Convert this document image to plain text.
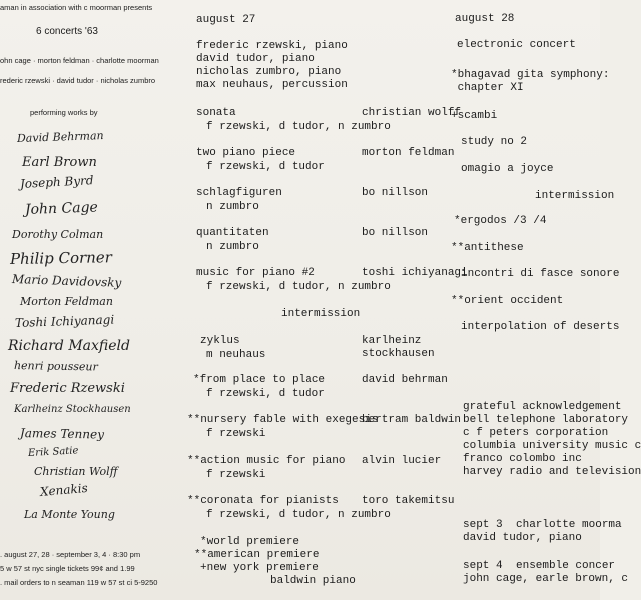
aman in association with c moorman presents
6 concerts '63
ohn cage · morton feldman · charlotte moorman
rederic rzewski · david tudor · nicholas zumbro
performing works by
David Behrman
Earl Brown
Joseph Byrd
John Cage
Dorothy Colman
Philip Corner
Mario Davidovsky
Morton Feldman
Toshi Ichiyanagi
Richard Maxfield
henri pousseur
Frederic Rzewski
Karlheinz Stockhausen
James Tenney
Erik Satie
Christian Wolff
Xenakis
La Monte Young
. august 27, 28 · september 3, 4 · 8:30 pm
5 w 57 st nyc single tickets 99¢ and 1.99
. mail orders to n seaman 119 w 57 st ci 5-9250
august 27
frederic rzewski, piano
david tudor, piano
nicholas zumbro, piano
max neuhaus, percussion
sonata
f rzewski, d tudor, n zumbro
christian wolff
two piano piece
f rzewski, d tudor
morton feldman
schlagfiguren
n zumbro
bo nillson
quantitaten
n zumbro
bo nillson
music for piano #2
f rzewski, d tudor, n zumbro
toshi ichiyanagi
zyklus
m neuhaus
karlheinz
stockhausen
*from place to place
f rzewski, d tudor
david behrman
**nursery fable with exegesis
f rzewski
bertram baldwin
**action music for piano
f rzewski
alvin lucier
**coronata for pianists
f rzewski, d tudor, n zumbro
toro takemitsu
intermission
*world premiere
**american premiere
+new york premiere
baldwin piano
august 28
electronic concert
*bhagavad gita symphony:
chapter XI
+scambi
study no 2
omagio a joyce
intermission
*ergodos /3 /4
**antithese
incontri di fasce sonore
**orient occident
interpolation of deserts
grateful acknowledgement
bell telephone laboratory
c f peters corporation
columbia university music c
franco colombo inc
harvey radio and television
sept 3 charlotte moorma
david tudor, piano
sept 4 ensemble concer
john cage, earle brown, c
